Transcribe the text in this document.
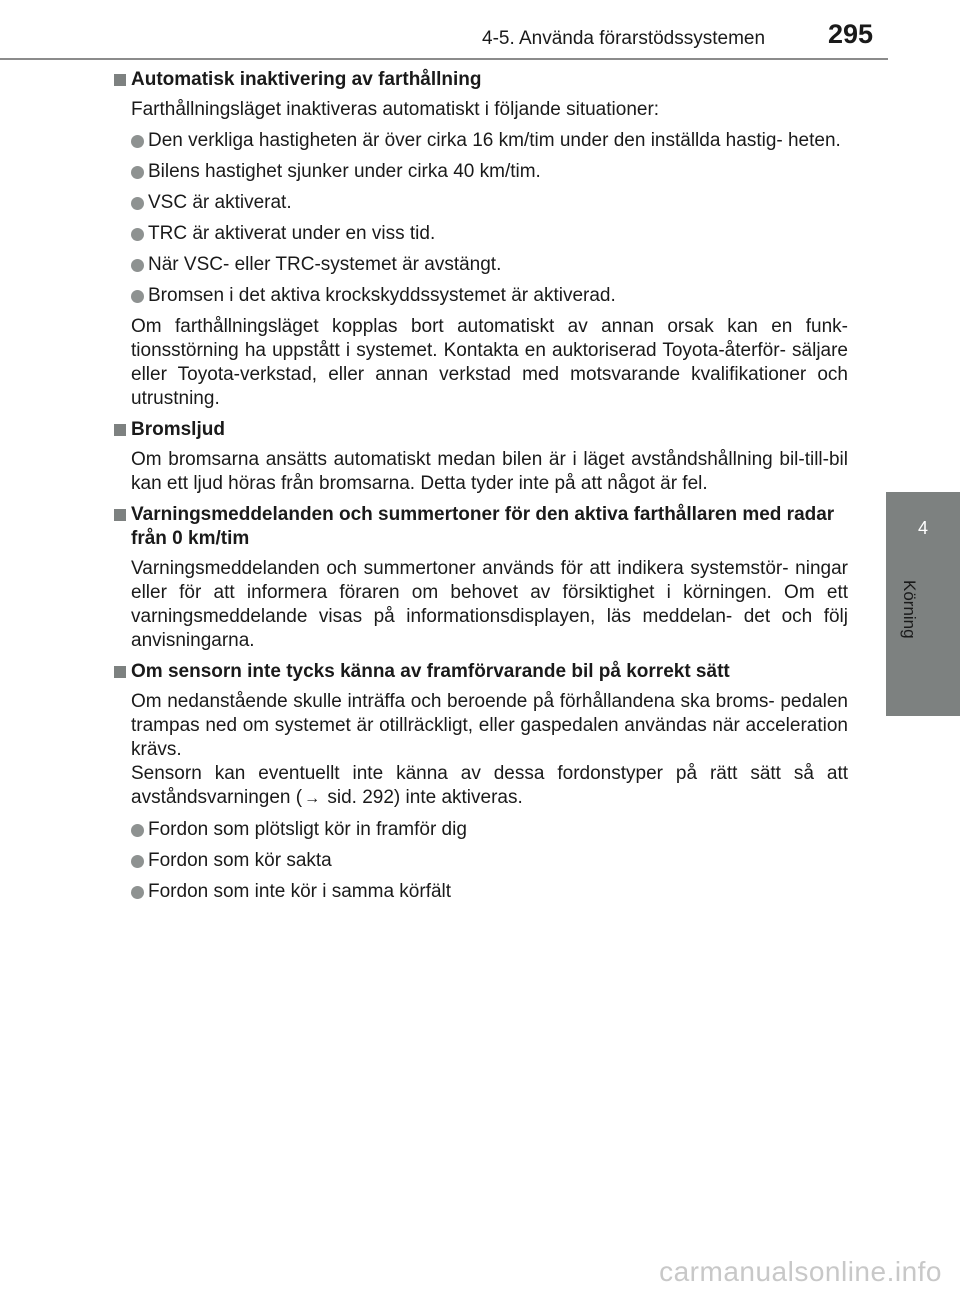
4-5. Använda förarstödssystemen 295
4
Körning
Automatisk inaktivering av farthållning
Farthållningsläget inaktiveras automatiskt i följande situationer:
Den verkliga hastigheten är över cirka 16 km/tim under den inställda hastig- heten.
Bilens hastighet sjunker under cirka 40 km/tim.
VSC är aktiverat.
TRC är aktiverat under en viss tid.
När VSC- eller TRC-systemet är avstängt.
Bromsen i det aktiva krockskyddssystemet är aktiverad.
Om farthållningsläget kopplas bort automatiskt av annan orsak kan en funk- tionsstörning ha uppstått i systemet. Kontakta en auktoriserad Toyota-återför- säljare eller Toyota-verkstad, eller annan verkstad med motsvarande kvalifikationer och utrustning.
Bromsljud
Om bromsarna ansätts automatiskt medan bilen är i läget avståndshållning bil-till-bil kan ett ljud höras från bromsarna. Detta tyder inte på att något är fel.
Varningsmeddelanden och summertoner för den aktiva farthållaren med radar från 0 km/tim
Varningsmeddelanden och summertoner används för att indikera systemstör- ningar eller för att informera föraren om behovet av försiktighet i körningen. Om ett varningsmeddelande visas på informationsdisplayen, läs meddelan- det och följ anvisningarna.
Om sensorn inte tycks känna av framförvarande bil på korrekt sätt
Om nedanstående skulle inträffa och beroende på förhållandena ska broms- pedalen trampas ned om systemet är otillräckligt, eller gaspedalen användas när acceleration krävs.
Sensorn kan eventuellt inte känna av dessa fordonstyper på rätt sätt så att avståndsvarningen ( → sid. 292) inte aktiveras.
Fordon som plötsligt kör in framför dig
Fordon som kör sakta
Fordon som inte kör i samma körfält
carmanualsonline.info
